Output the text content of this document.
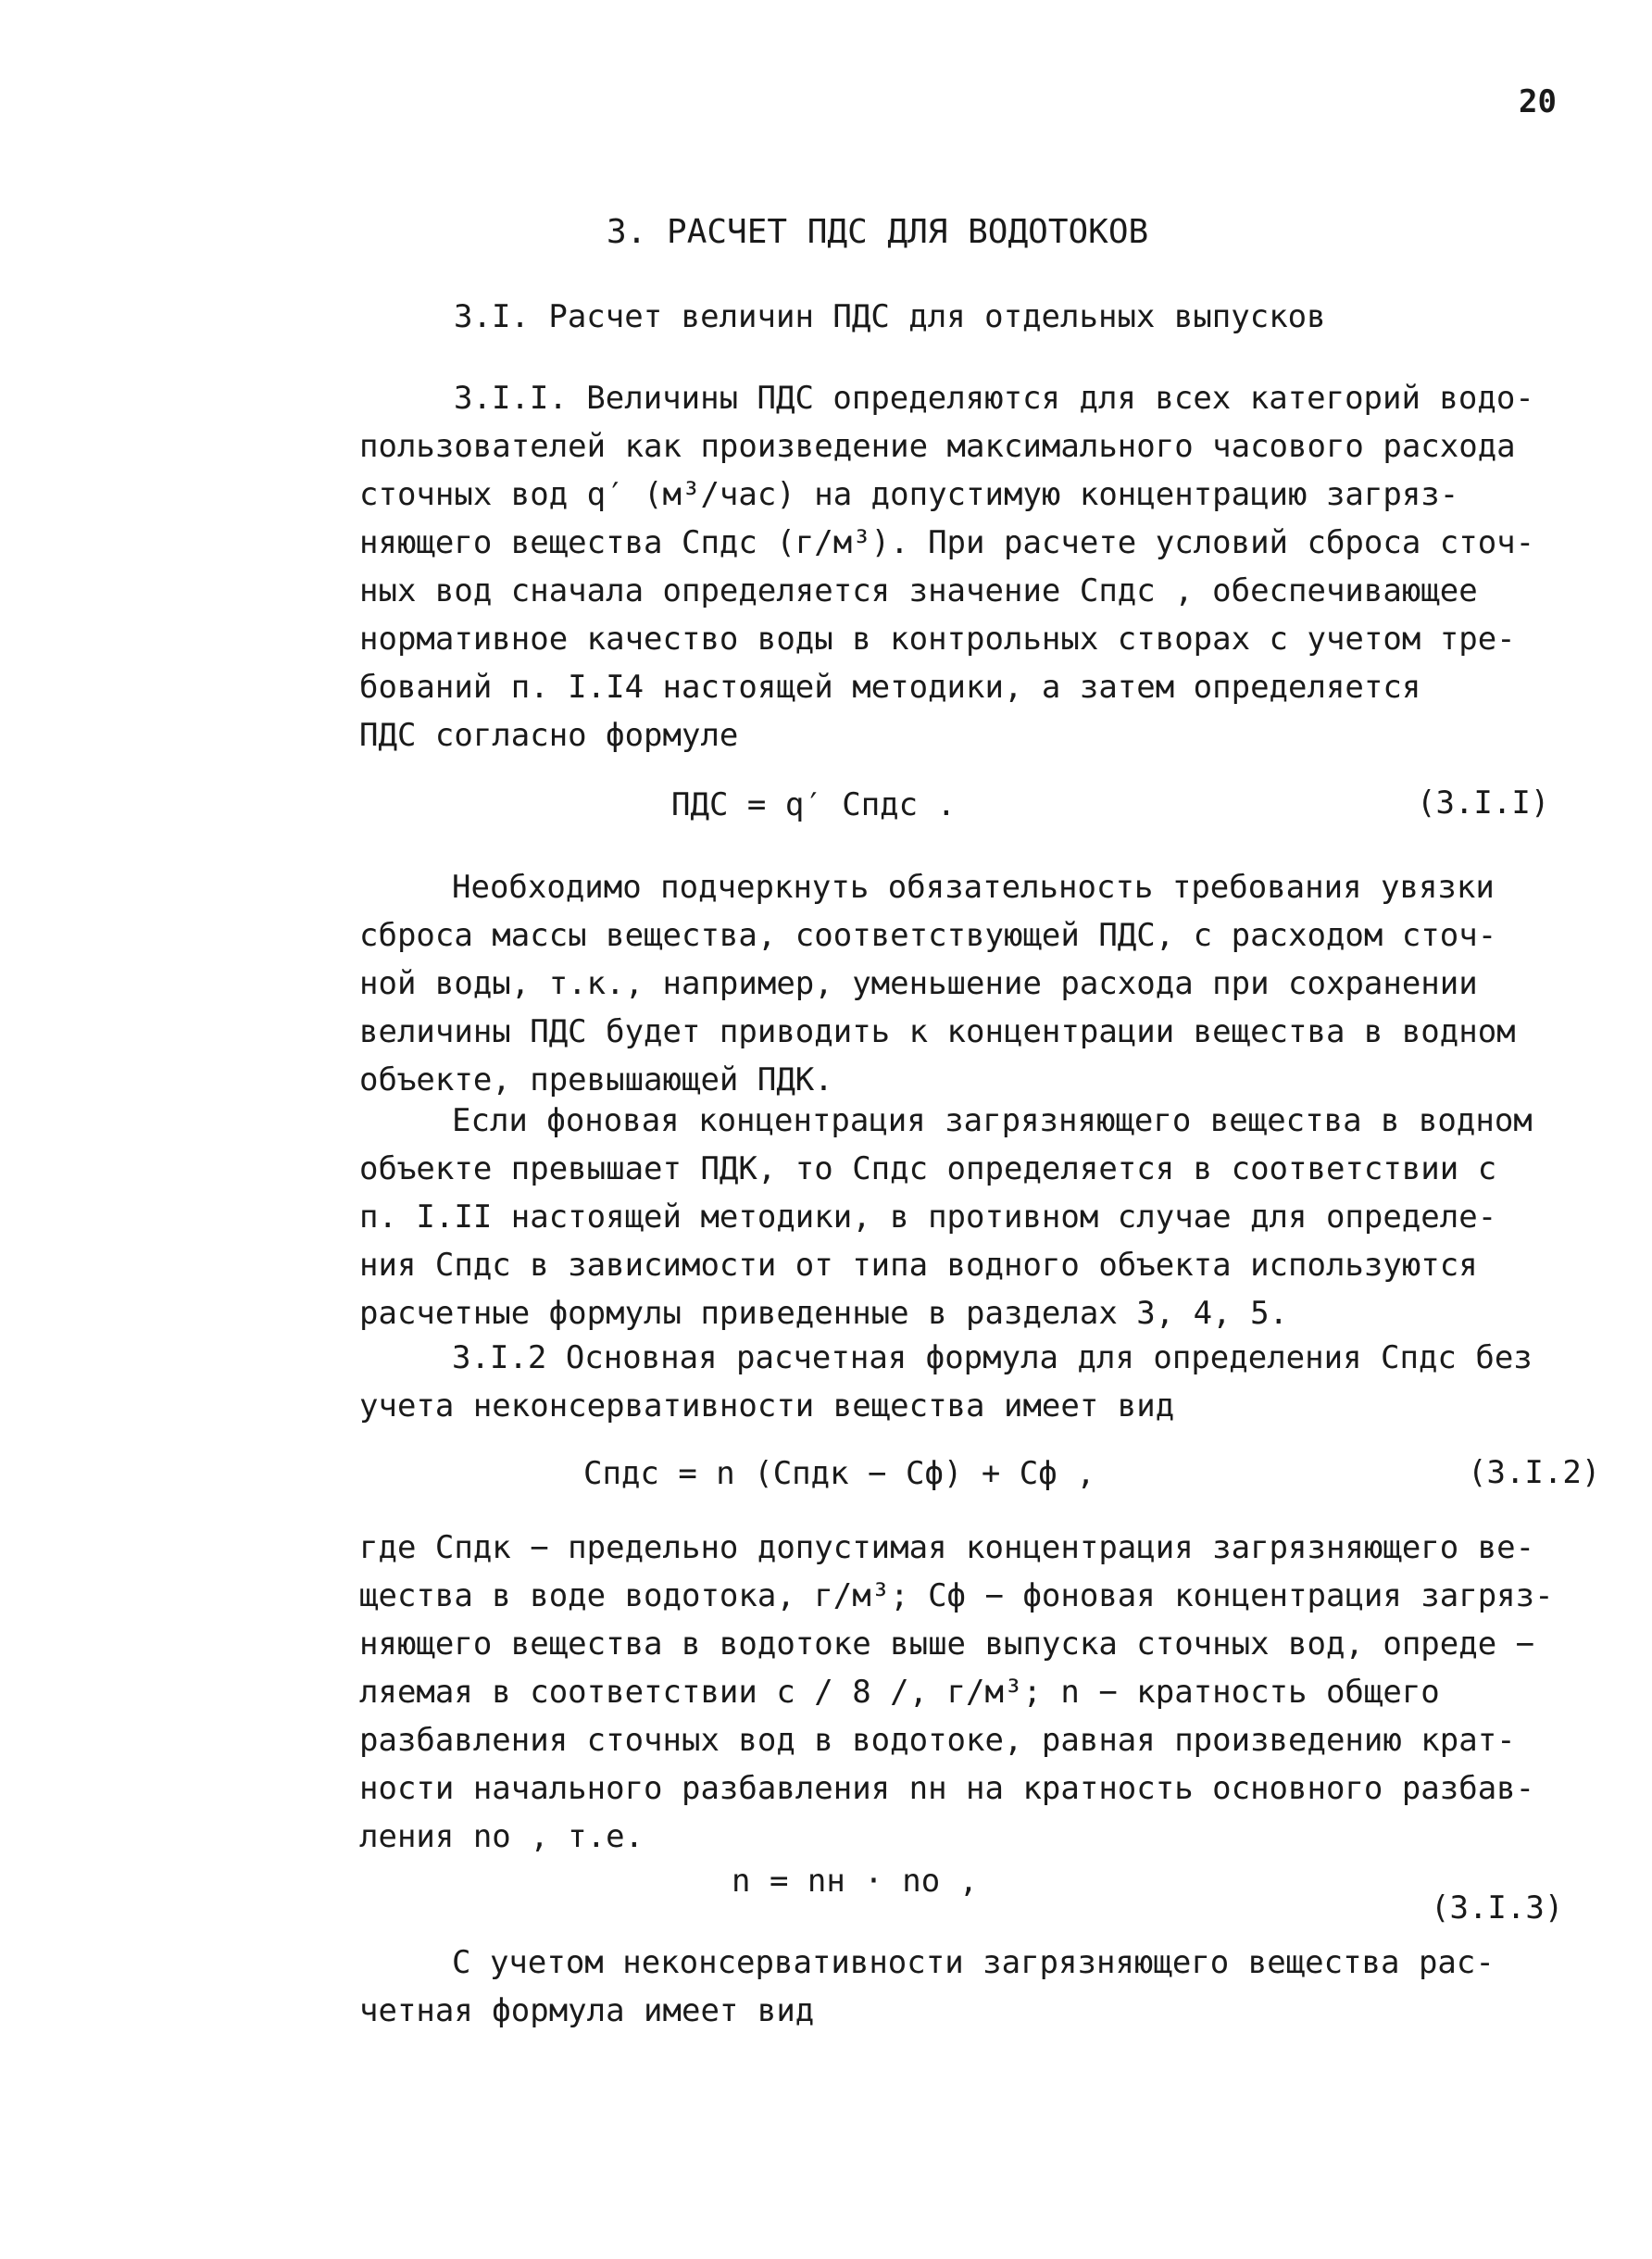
20
3. РАСЧЕТ ПДС ДЛЯ ВОДОТОКОВ
3.I. Расчет величин ПДС для отдельных выпусков
3.I.I. Величины ПДС определяются для всех категорий водо-
пользователей как произведение максимального часового расхода
сточных вод q′ (м³/час) на допустимую концентрацию загряз-
няющего вещества Cпдс (г/м³). При расчете условий сброса сточ-
ных вод сначала определяется значение Cпдс , обеспечивающее
нормативное качество воды в контрольных створах с учетом тре-
бований п. I.I4 настоящей методики, а затем определяется
ПДС согласно формуле
ПДС = q′ Cпдс .	(3.I.I)
Необходимо подчеркнуть обязательность требования увязки
сброса массы вещества, соответствующей ПДС, с расходом сточ-
ной воды, т.к., например, уменьшение расхода при сохранении
величины ПДС будет приводить к концентрации вещества в водном
объекте, превышающей ПДК.
Если фоновая концентрация загрязняющего вещества в водном
объекте превышает ПДК, то Cпдс определяется в соответствии с
п. I.II настоящей методики, в противном случае для определе-
ния Cпдс в зависимости от типа водного объекта используются
расчетные формулы приведенные в разделах 3, 4, 5.
3.I.2 Основная расчетная формула для определения Cпдс без
учета неконсервативности вещества имеет вид
Cпдс = n (Cпдк − Cф) + Cф ,	(3.I.2)
где Cпдк − предельно допустимая концентрация загрязняющего ве-
щества в воде водотока, г/м³; Cф − фоновая концентрация загряз-
няющего вещества в водотоке выше выпуска сточных вод, опреде −
ляемая в соответствии с / 8 /, г/м³; n − кратность общего
разбавления сточных вод в водотоке, равная произведению крат-
ности начального разбавления nн на кратность основного разбав-
ления nо , т.е.
n = nн · nо ,
(3.I.3)
С учетом неконсервативности загрязняющего вещества рас-
четная формула имеет вид
